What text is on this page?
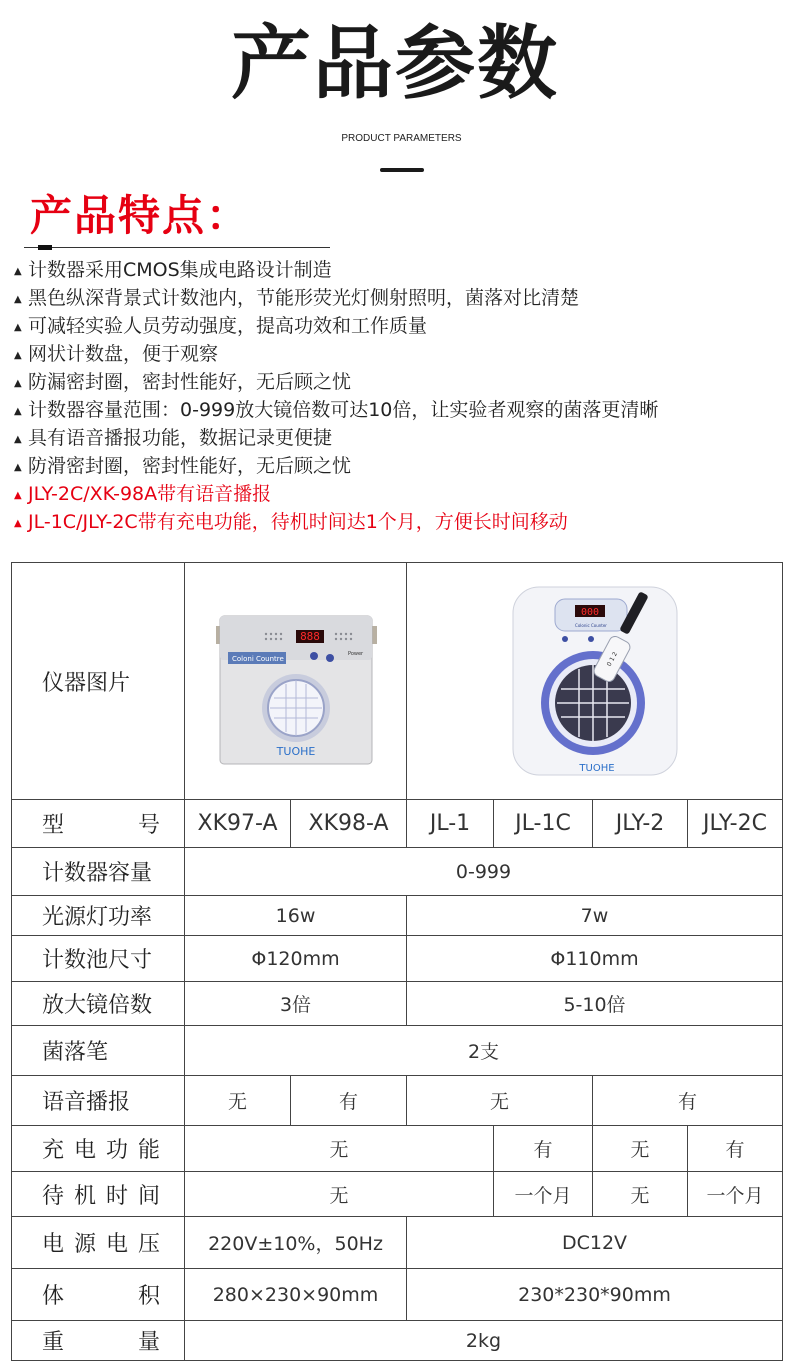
产品参数
PRODUCT PARAMETERS
产品特点：
▲ 计数器采用CMOS集成电路设计制造
▲ 黑色纵深背景式计数池内，节能形荧光灯侧射照明，菌落对比清楚
▲ 可减轻实验人员劳动强度，提高功效和工作质量
▲ 网状计数盘，便于观察
▲ 防漏密封圈，密封性能好，无后顾之忧
▲ 计数器容量范围：0-999放大镜倍数可达10倍，让实验者观察的菌落更清晰
▲ 具有语音播报功能，数据记录更便捷
▲ 防滑密封圈，密封性能好，无后顾之忧
▲ JLY-2C/XK-98A带有语音播报
▲ JL-1C/JLY-2C带有充电功能，待机时间达1个月，方便长时间移动
仪器图片	888
Coloni Countre
Power
TUOHE		000
Colonic Counter
0 1 2
TUOHE			

型　　号	XK97-A	XK98-A	JL-1	JL-1C	JLY-2	JLY-2C
计数器容量	0-999					
光源灯功率	16w		7w			
计数池尺寸	Φ120mm		Φ110mm			
放大镜倍数	3倍		5-10倍			
菌落笔	2支					
语音播报	无	有	无		有	
充电功能	无			有	无	有
待机时间	无			一个月	无	一个月
电源电压	220V±10%，50Hz		DC12V			
体　　积	280×230×90mm		230*230*90mm			
重　　量	2kg					
